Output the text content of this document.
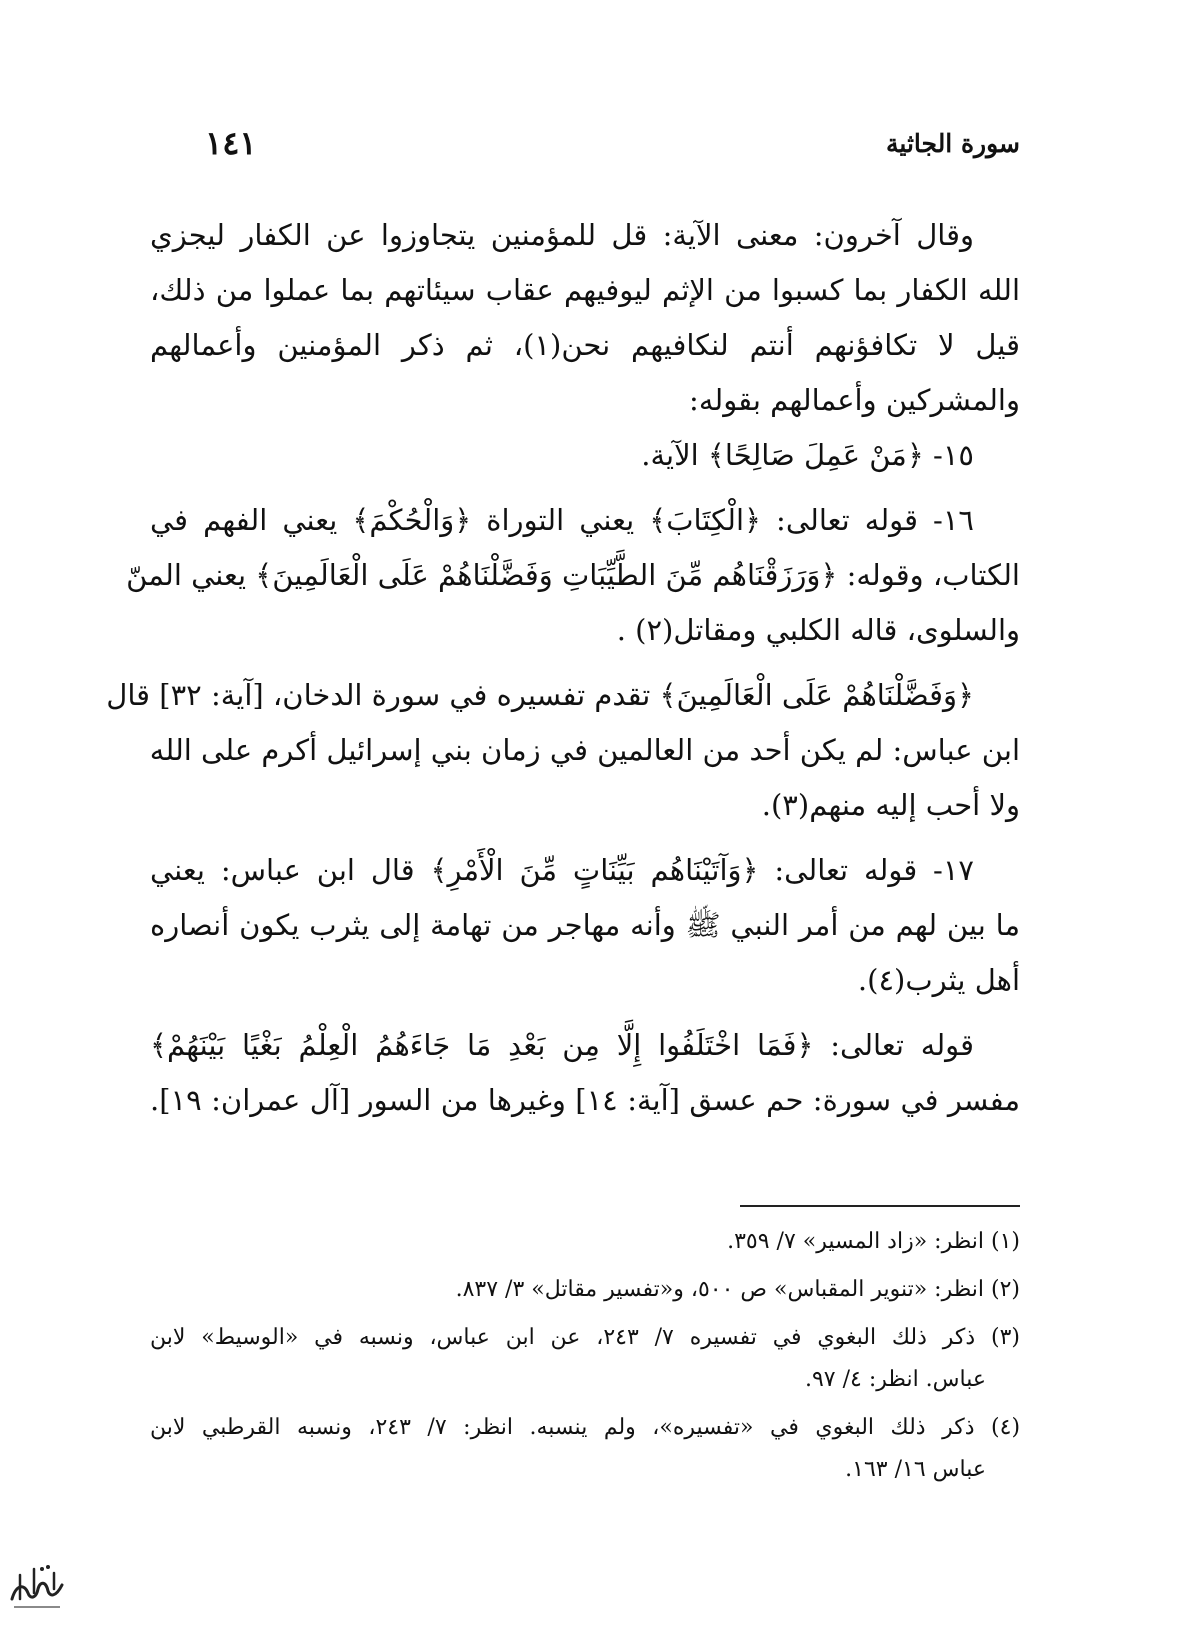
١٤١	سورة الجاثية
وقال آخرون: معنى الآية: قل للمؤمنين يتجاوزوا عن الكفار ليجزي
الله الكفار بما كسبوا من الإثم ليوفيهم عقاب سيئاتهم بما عملوا من ذلك،
قيل لا تكافؤنهم أنتم لنكافيهم نحن(١)، ثم ذكر المؤمنين وأعمالهم
والمشركين وأعمالهم بقوله:
١٥- ﴿مَنْ عَمِلَ صَالِحًا﴾ الآية.
١٦- قوله تعالى: ﴿الْكِتَابَ﴾ يعني التوراة ﴿وَالْحُكْمَ﴾ يعني الفهم في
الكتاب، وقوله: ﴿وَرَزَقْنَاهُم مِّنَ الطَّيِّبَاتِ وَفَضَّلْنَاهُمْ عَلَى الْعَالَمِينَ﴾ يعني المنّ
والسلوى، قاله الكلبي ومقاتل(٢) .
﴿وَفَضَّلْنَاهُمْ عَلَى الْعَالَمِينَ﴾ تقدم تفسيره في سورة الدخان، [آية: ٣٢] قال
ابن عباس: لم يكن أحد من العالمين في زمان بني إسرائيل أكرم على الله
ولا أحب إليه منهم(٣).
١٧- قوله تعالى: ﴿وَآتَيْنَاهُم بَيِّنَاتٍ مِّنَ الْأَمْرِ﴾ قال ابن عباس: يعني
ما بين لهم من أمر النبي ﷺ وأنه مهاجر من تهامة إلى يثرب يكون أنصاره
أهل يثرب(٤).
قوله تعالى: ﴿فَمَا اخْتَلَفُوا إِلَّا مِن بَعْدِ مَا جَاءَهُمُ الْعِلْمُ بَغْيًا بَيْنَهُمْ﴾
مفسر في سورة: حم عسق [آية: ١٤] وغيرها من السور [آل عمران: ١٩].
(١) انظر: «زاد المسير» ٧/ ٣٥٩.
(٢) انظر: «تنوير المقباس» ص ٥٠٠، و«تفسير مقاتل» ٣/ ٨٣٧.
(٣) ذكر ذلك البغوي في تفسيره ٧/ ٢٤٣، عن ابن عباس، ونسبه في «الوسيط» لابن
عباس. انظر: ٤/ ٩٧.
(٤) ذكر ذلك البغوي في «تفسيره»، ولم ينسبه. انظر: ٧/ ٢٤٣، ونسبه القرطبي لابن
عباس ١٦/ ١٦٣.
